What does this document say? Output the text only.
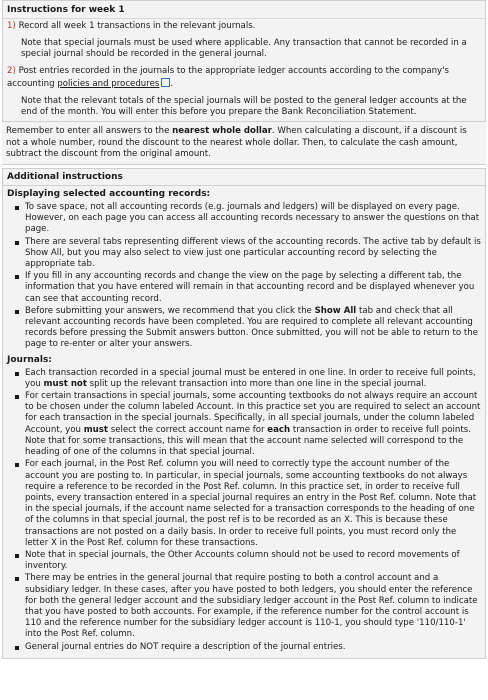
Instructions for week 1

1) Record all week 1 transactions in the relevant journals.

Note that special journals must be used where applicable. Any transaction that cannot be recorded in a special journal should be recorded in the general journal.

2) Post entries recorded in the journals to the appropriate ledger accounts according to the company's accounting policies and procedures .

Note that the relevant totals of the special journals will be posted to the general ledger accounts at the end of the month. You will enter this before you prepare the Bank Reconciliation Statement.

Remember to enter all answers to the nearest whole dollar. When calculating a discount, if a discount is not a whole number, round the discount to the nearest whole dollar. Then, to calculate the cash amount, subtract the discount from the original amount.
Additional instructions
Displaying selected accounting records:
To save space, not all accounting records (e.g. journals and ledgers) will be displayed on every page. However, on each page you can access all accounting records necessary to answer the questions on that page.
There are several tabs representing different views of the accounting records. The active tab by default is Show All, but you may also select to view just one particular accounting record by selecting the appropriate tab.
If you fill in any accounting records and change the view on the page by selecting a different tab, the information that you have entered will remain in that accounting record and be displayed whenever you can see that accounting record.
Before submitting your answers, we recommend that you click the Show All tab and check that all relevant accounting records have been completed. You are required to complete all relevant accounting records before pressing the Submit answers button. Once submitted, you will not be able to return to the page to re-enter or alter your answers.
Journals:
Each transaction recorded in a special journal must be entered in one line. In order to receive full points, you must not split up the relevant transaction into more than one line in the special journal.
For certain transactions in special journals, some accounting textbooks do not always require an account to be chosen under the column labeled Account. In this practice set you are required to select an account for each transaction in the special journals. Specifically, in all special journals, under the column labeled Account, you must select the correct account name for each transaction in order to receive full points. Note that for some transactions, this will mean that the account name selected will correspond to the heading of one of the columns in that special journal.
For each journal, in the Post Ref. column you will need to correctly type the account number of the account you are posting to. In particular, in special journals, some accounting textbooks do not always require a reference to be recorded in the Post Ref. column. In this practice set, in order to receive full points, every transaction entered in a special journal requires an entry in the Post Ref. column. Note that in the special journals, if the account name selected for a transaction corresponds to the heading of one of the columns in that special journal, the post ref is to be recorded as an X. This is because these transactions are not posted on a daily basis. In order to receive full points, you must record only the letter X in the Post Ref. column for these transactions.
Note that in special journals, the Other Accounts column should not be used to record movements of inventory.
There may be entries in the general journal that require posting to both a control account and a subsidiary ledger. In these cases, after you have posted to both ledgers, you should enter the reference for both the general ledger account and the subsidiary ledger account in the Post Ref. column to indicate that you have posted to both accounts. For example, if the reference number for the control account is 110 and the reference number for the subsidiary ledger account is 110-1, you should type '110/110-1' into the Post Ref. column.
General journal entries do NOT require a description of the journal entries.
